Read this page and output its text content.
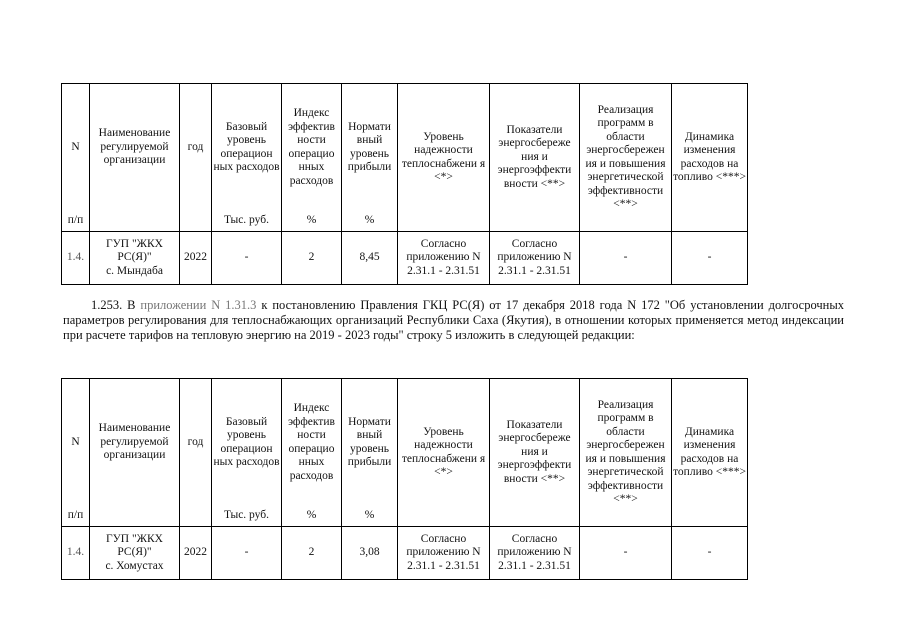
N	Наименование регулируемой организации	год	Базовый уровень операцион ных расходов	Индекс эффектив ности операцио нных расходов	Нормати вный уровень прибыли	Уровень надежности теплоснабжени я <*>	Показатели энергосбереже ния и энергоэффекти вности <**>	Реализация программ в области энергосбережен ия и повышения энергетической эффективности <**>	Динамика изменения расходов на топливо <***>
п/п			Тыс. руб.	%	%				
1.4.	ГУП "ЖКХ
РС(Я)"
с. Мындаба	2022	-	2	8,45	Согласно приложению N 2.31.1 - 2.31.51	Согласно приложению N 2.31.1 - 2.31.51	-	-
1.253. В приложении N 1.31.3 к постановлению Правления ГКЦ РС(Я) от 17 декабря 2018 года N 172 "Об установлении долгосрочных параметров регулирования для теплоснабжающих организаций Республики Саха (Якутия), в отношении которых применяется метод индексации при расчете тарифов на тепловую энергию на 2019 - 2023 годы" строку 5 изложить в следующей редакции:
N	Наименование регулируемой организации	год	Базовый уровень операцион ных расходов	Индекс эффектив ности операцио нных расходов	Нормати вный уровень прибыли	Уровень надежности теплоснабжени я <*>	Показатели энергосбереже ния и энергоэффекти вности <**>	Реализация программ в области энергосбережен ия и повышения энергетической эффективности <**>	Динамика изменения расходов на топливо <***>
п/п			Тыс. руб.	%	%				
1.4.	ГУП "ЖКХ
РС(Я)"
с. Хомустах	2022	-	2	3,08	Согласно приложению N 2.31.1 - 2.31.51	Согласно приложению N 2.31.1 - 2.31.51	-	-
